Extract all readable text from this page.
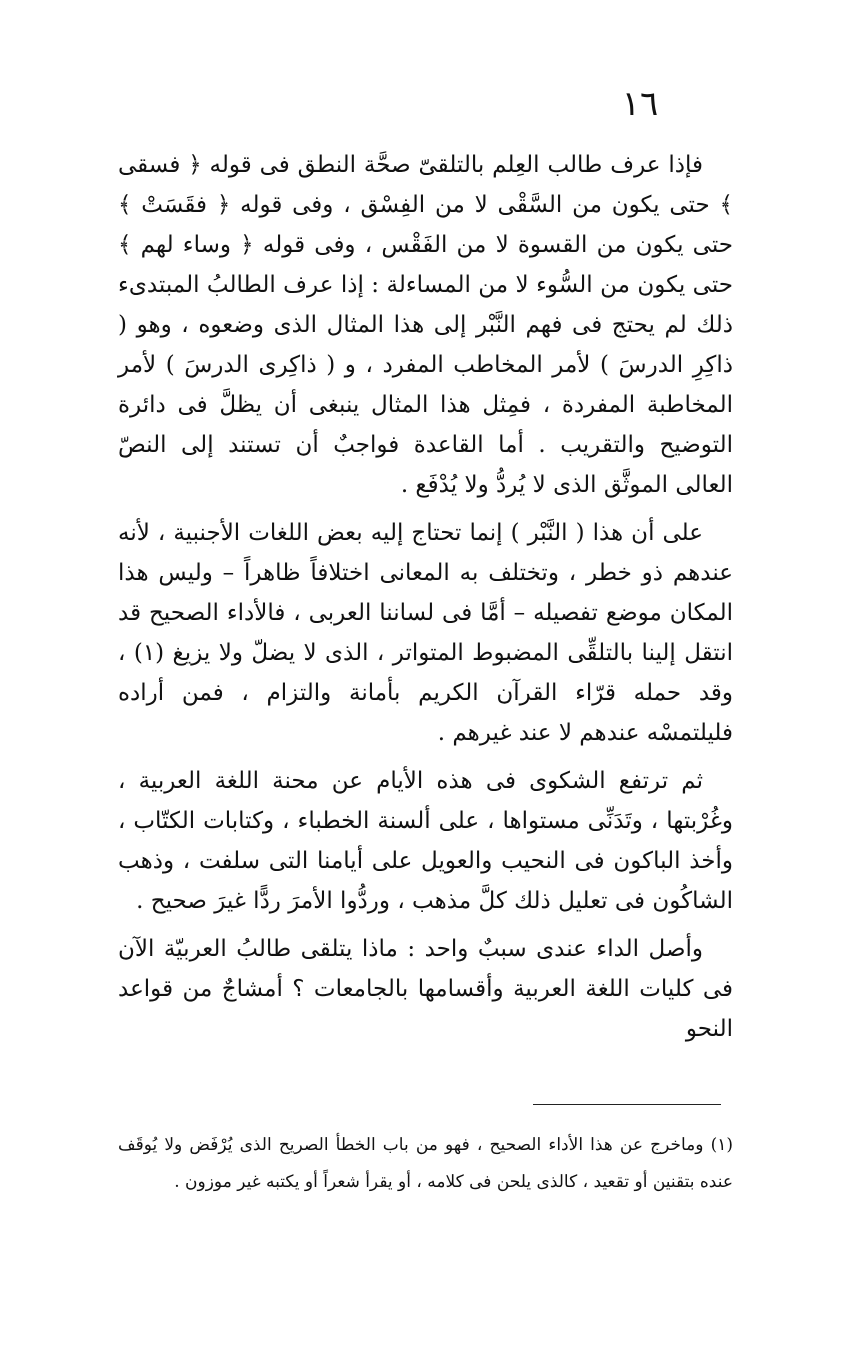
١٦

فإذا عرف طالب العِلم بالتلقىّ صحَّة النطق فى قوله ﴿ فسقى ﴾ حتى يكون من السَّقْى لا من الفِسْق ، وفى قوله ﴿ فقَسَتْ ﴾ حتى يكون من القسوة لا من الفَقْس ، وفى قوله ﴿ وساء لهم ﴾ حتى يكون من السُّوء لا من المساءلة : إذا عرف الطالبُ المبتدىء ذلك لم يحتج فى فهم النَّبْر إلى هذا المثال الذى وضعوه ، وهو ( ذاكِرِ الدرسَ ) لأمر المخاطب المفرد ، و ( ذاكِرى الدرسَ ) لأمر المخاطبة المفردة ، فمِثل هذا المثال ينبغى أن يظلَّ فى دائرة التوضيح والتقريب . أما القاعدة فواجبٌ أن تستند إلى النصّ العالى الموثَّق الذى لا يُردُّ ولا يُدْفَع .

على أن هذا ( النَّبْر ) إنما تحتاج إليه بعض اللغات الأجنبية ، لأنه عندهم ذو خطر ، وتختلف به المعانى اختلافاً ظاهراً – وليس هذا المكان موضع تفصيله – أمَّا فى لساننا العربى ، فالأداء الصحيح قد انتقل إلينا بالتلقِّى المضبوط المتواتر ، الذى لا يضلّ ولا يزيغ (١) ، وقد حمله قرّاء القرآن الكريم بأمانة والتزام ، فمن أراده فليلتمسْه عندهم لا عند غيرهم .

ثم ترتفع الشكوى فى هذه الأيام عن محنة اللغة العربية ، وغُرْبتها ، وتَدَنِّى مستواها ، على ألسنة الخطباء ، وكتابات الكتّاب ، وأخذ الباكون فى النحيب والعويل على أيامنا التى سلفت ، وذهب الشاكُون فى تعليل ذلك كلَّ مذهب ، وردُّوا الأمرَ ردًّا غيرَ صحيح .

وأصل الداء عندى سببٌ واحد : ماذا يتلقى طالبُ العربيّة الآن فى كليات اللغة العربية وأقسامها بالجامعات ؟ أمشاجٌ من قواعد النحو

(١) وماخرج عن هذا الأداء الصحيح ، فهو من باب الخطأ الصريح الذى يُرْفَض ولا يُوقَف عنده بتقنين أو تقعيد ، كالذى يلحن فى كلامه ، أو يقرأ شعراً أو يكتبه غير موزون .
